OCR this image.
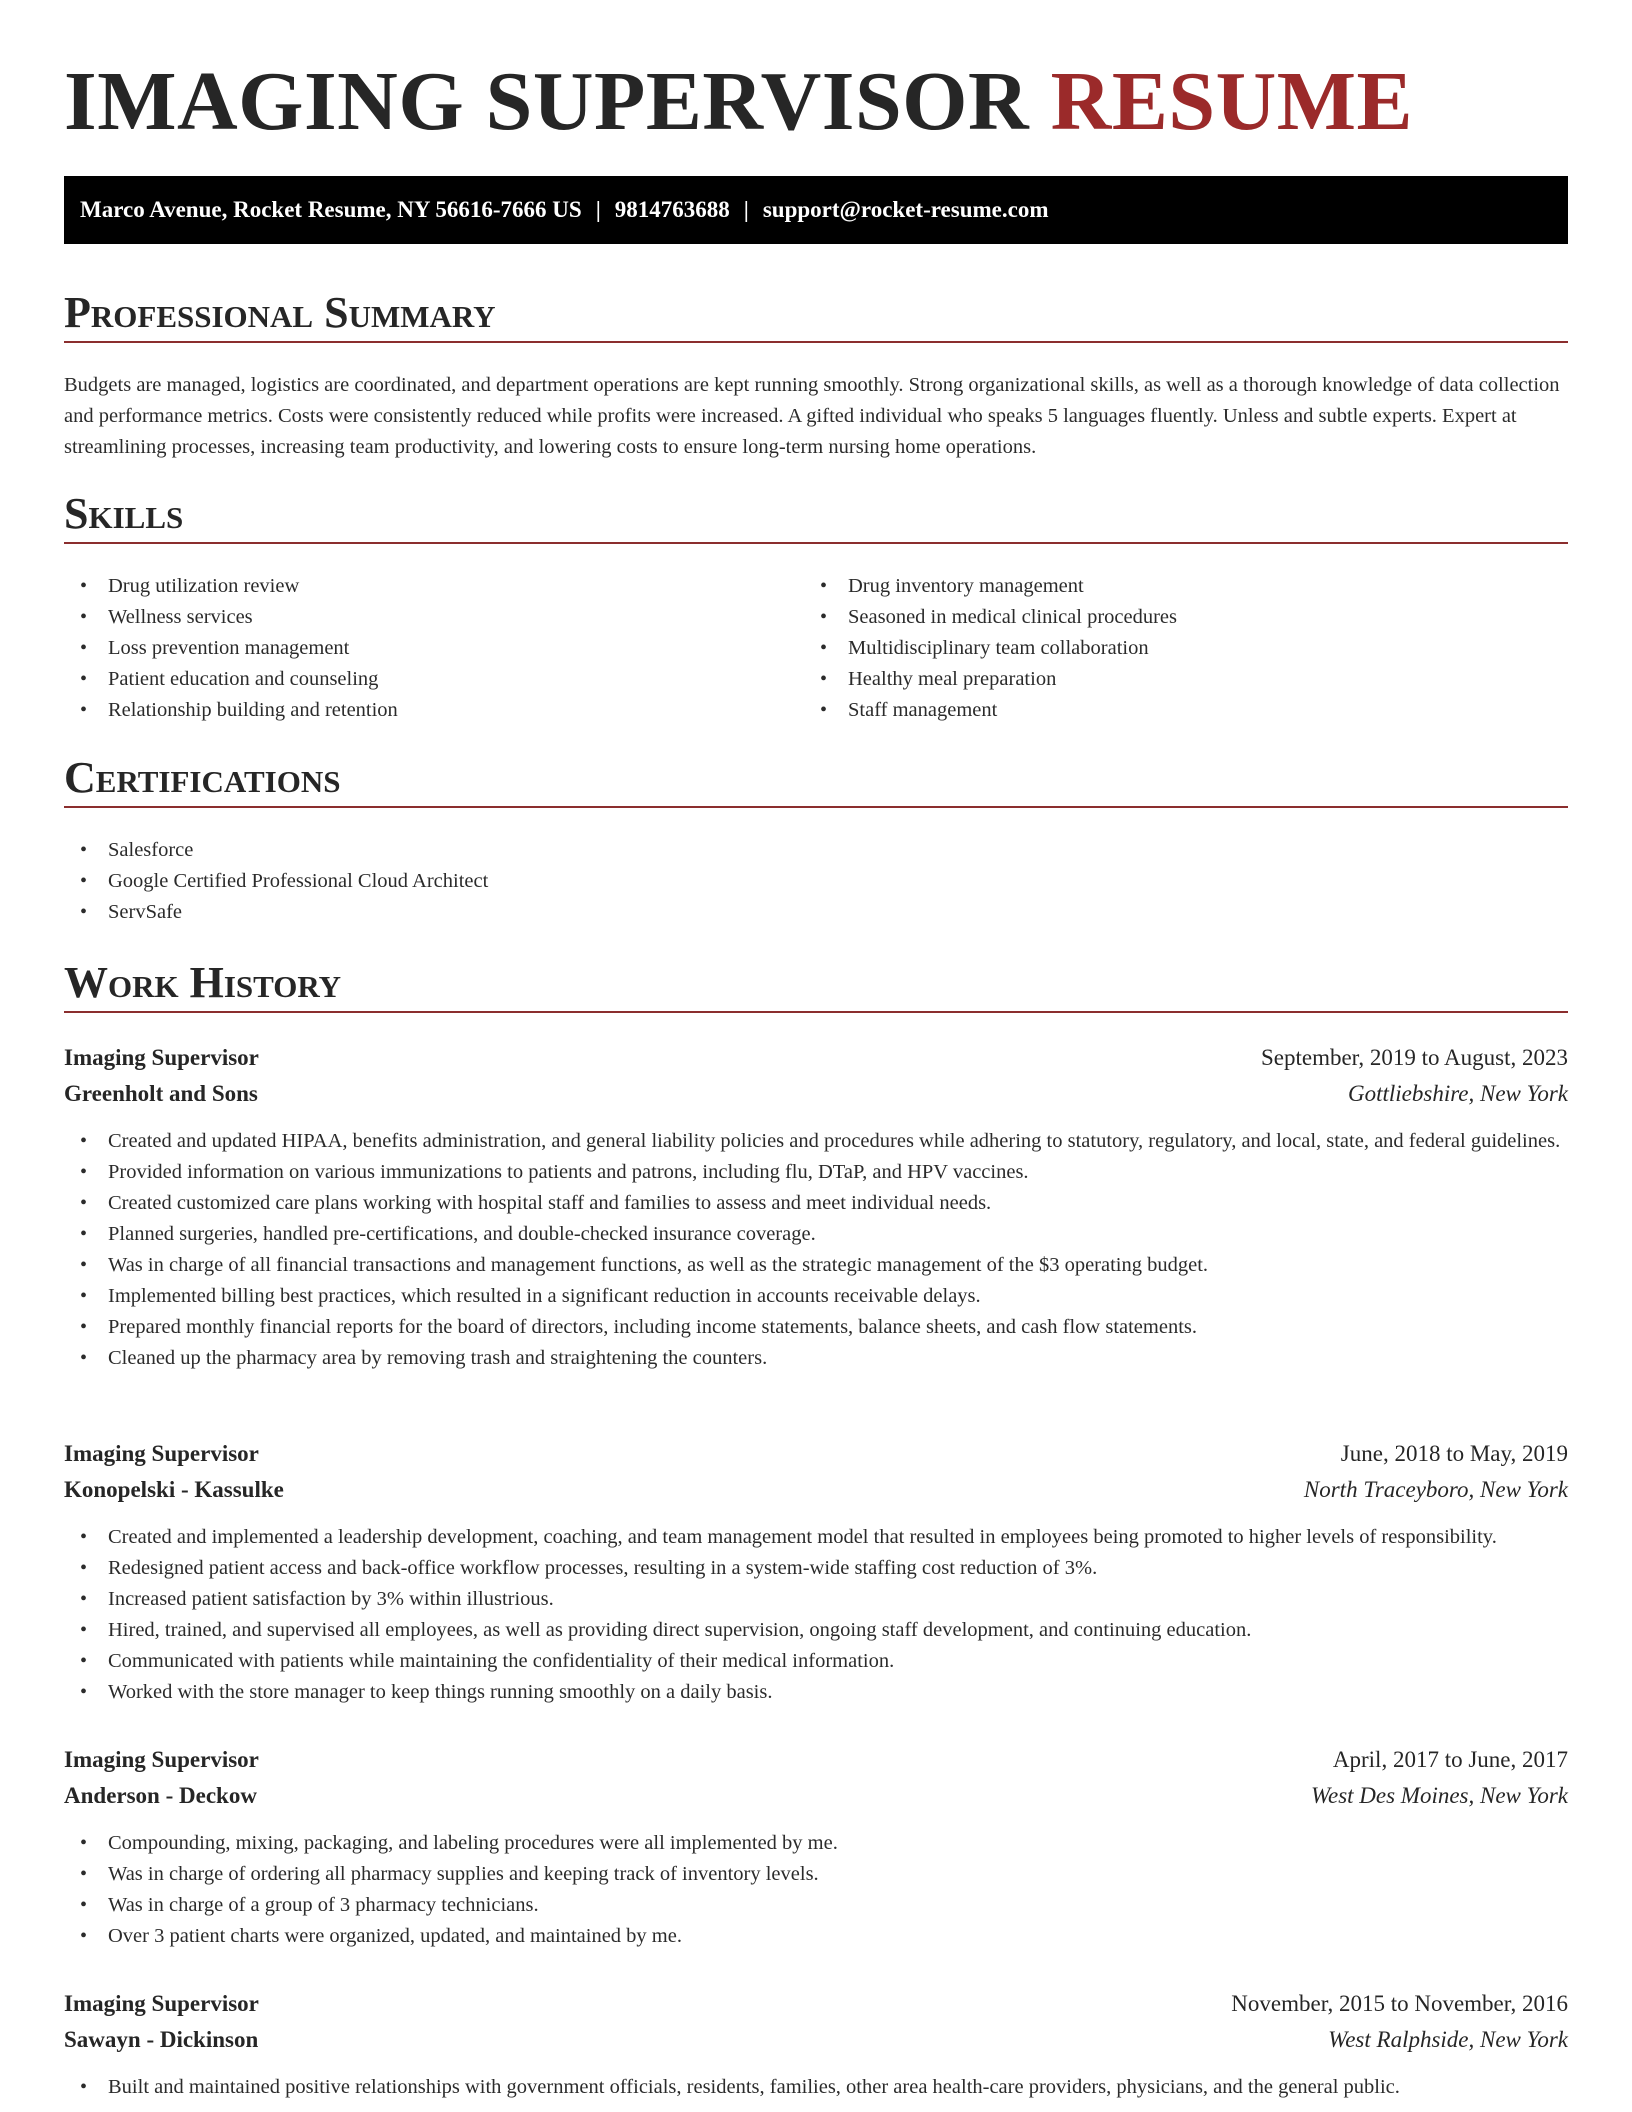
IMAGING SUPERVISOR RESUME
Marco Avenue, Rocket Resume, NY 56616-7666 US | 9814763688 | support@rocket-resume.com
Professional Summary

Budgets are managed, logistics are coordinated, and department operations are kept running smoothly. Strong organizational skills, as well as a thorough knowledge of data collection and performance metrics. Costs were consistently reduced while profits were increased. A gifted individual who speaks 5 languages fluently. Unless and subtle experts. Expert at streamlining processes, increasing team productivity, and lowering costs to ensure long-term nursing home operations.

Skills
• Drug utilization review
• Wellness services
• Loss prevention management
• Patient education and counseling
• Relationship building and retention
• Drug inventory management
• Seasoned in medical clinical procedures
• Multidisciplinary team collaboration
• Healthy meal preparation
• Staff management
Certifications
• Salesforce
• Google Certified Professional Cloud Architect
• ServSafe
Work History
Imaging Supervisor	September, 2019 to August, 2023
Greenholt and Sons	Gottliebshire, New York
• Created and updated HIPAA, benefits administration, and general liability policies and procedures while adhering to statutory, regulatory, and local, state, and federal guidelines.
• Provided information on various immunizations to patients and patrons, including flu, DTaP, and HPV vaccines.
• Created customized care plans working with hospital staff and families to assess and meet individual needs.
• Planned surgeries, handled pre-certifications, and double-checked insurance coverage.
• Was in charge of all financial transactions and management functions, as well as the strategic management of the $3 operating budget.
• Implemented billing best practices, which resulted in a significant reduction in accounts receivable delays.
• Prepared monthly financial reports for the board of directors, including income statements, balance sheets, and cash flow statements.
• Cleaned up the pharmacy area by removing trash and straightening the counters.
Imaging Supervisor	June, 2018 to May, 2019
Konopelski - Kassulke	North Traceyboro, New York
• Created and implemented a leadership development, coaching, and team management model that resulted in employees being promoted to higher levels of responsibility.
• Redesigned patient access and back-office workflow processes, resulting in a system-wide staffing cost reduction of 3%.
• Increased patient satisfaction by 3% within illustrious.
• Hired, trained, and supervised all employees, as well as providing direct supervision, ongoing staff development, and continuing education.
• Communicated with patients while maintaining the confidentiality of their medical information.
• Worked with the store manager to keep things running smoothly on a daily basis.
Imaging Supervisor	April, 2017 to June, 2017
Anderson - Deckow	West Des Moines, New York
• Compounding, mixing, packaging, and labeling procedures were all implemented by me.
• Was in charge of ordering all pharmacy supplies and keeping track of inventory levels.
• Was in charge of a group of 3 pharmacy technicians.
• Over 3 patient charts were organized, updated, and maintained by me.
Imaging Supervisor	November, 2015 to November, 2016
Sawayn - Dickinson	West Ralphside, New York
• Built and maintained positive relationships with government officials, residents, families, other area health-care providers, physicians, and the general public.
